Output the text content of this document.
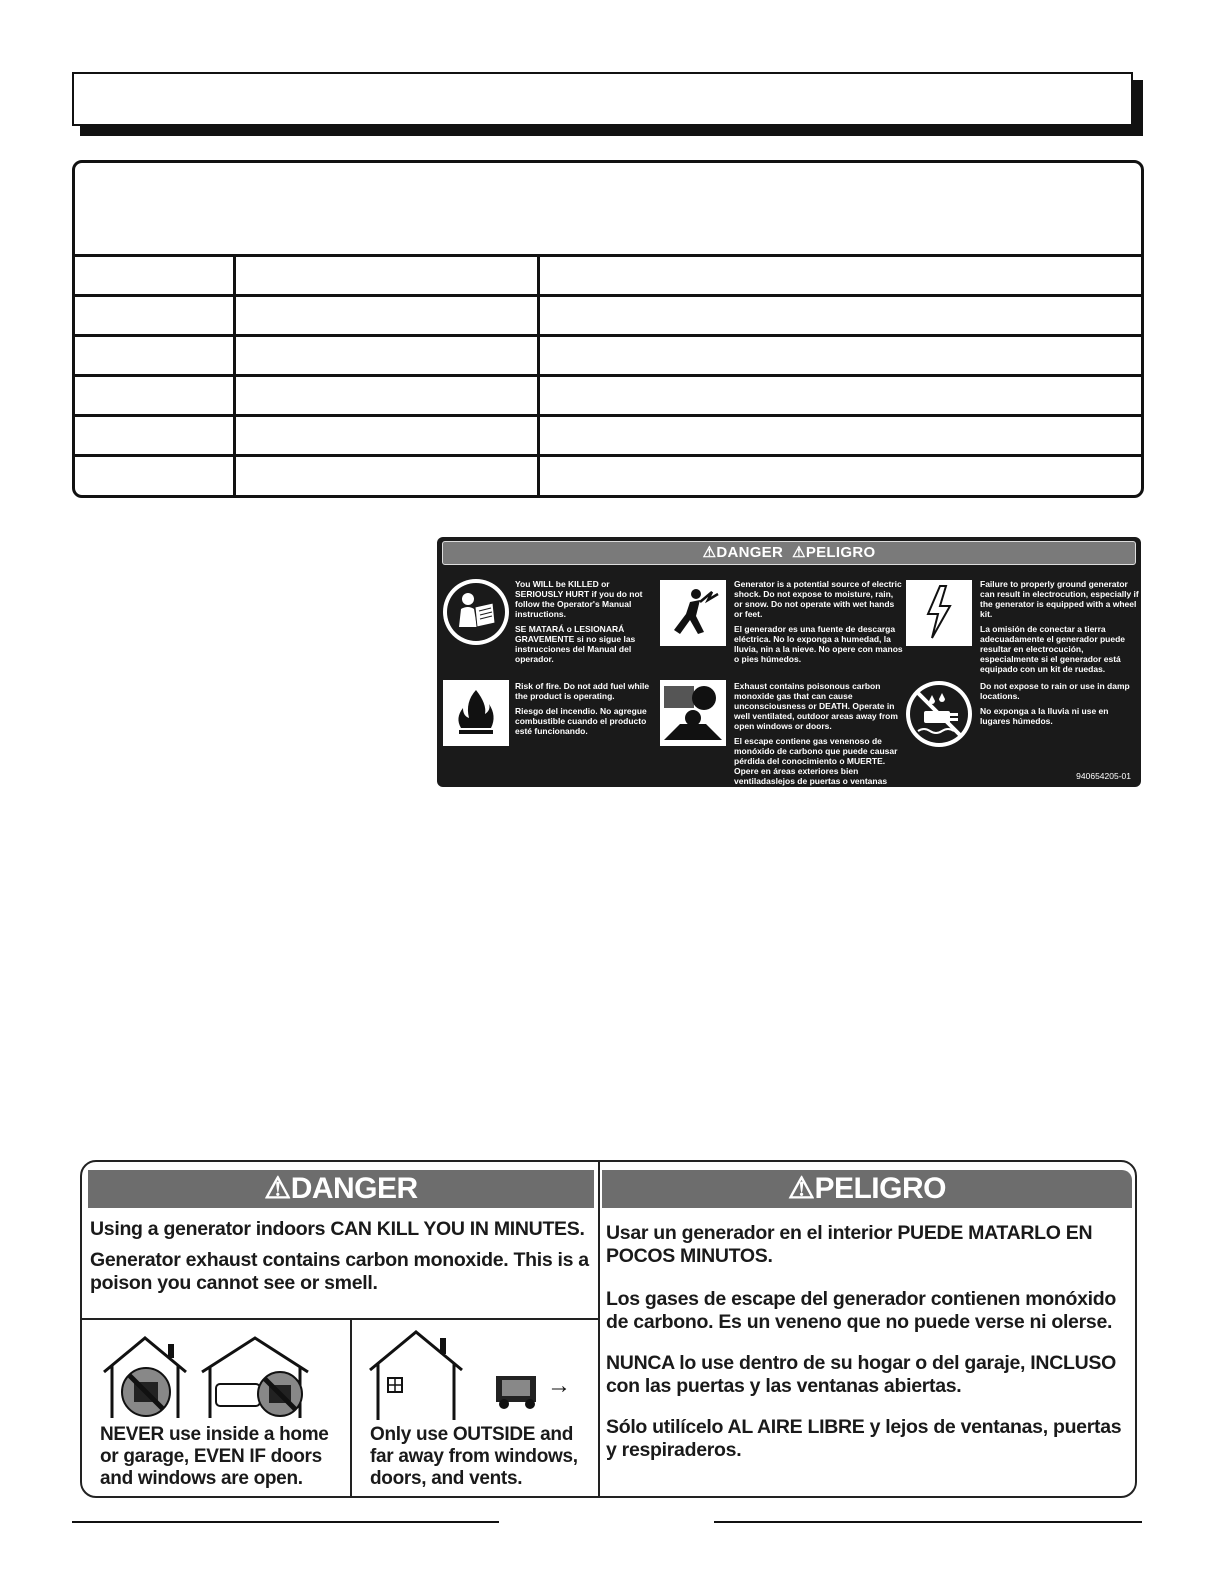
⚠DANGER ⚠PELIGRO

You WILL be KILLED or SERIOUSLY HURT if you do not follow the Operator's Manual instructions.

SE MATARÁ o LESIONARÁ GRAVEMENTE si no sigue las instrucciones del Manual del operador.

Generator is a potential source of electric shock. Do not expose to moisture, rain, or snow. Do not operate with wet hands or feet.

El generador es una fuente de descarga eléctrica. No lo exponga a humedad, la lluvia, nin a la nieve. No opere con manos o pies húmedos.

Failure to properly ground generator can result in electrocution, especially if the generator is equipped with a wheel kit.

La omisión de conectar a tierra adecuadamente el generador puede resultar en electrocución, especialmente si el generador está equipado con un kit de ruedas.

Risk of fire. Do not add fuel while the product is operating.

Riesgo del incendio. No agregue combustible cuando el producto esté funcionando.

Exhaust contains poisonous carbon monoxide gas that can cause unconsciousness or DEATH. Operate in well ventilated, outdoor areas away from open windows or doors.

El escape contiene gas venenoso de monóxido de carbono que puede causar pérdida del conocimiento o MUERTE. Opere en áreas exteriores bien ventiladaslejos de puertas o ventanas abiertas.

Do not expose to rain or use in damp locations.

No exponga a la lluvia ni use en lugares húmedos.

940654205-01
⚠DANGER	⚠PELIGRO

Using a generator indoors CAN KILL YOU IN MINUTES.

Generator exhaust contains carbon monoxide. This is a poison you cannot see or smell.

NEVER use inside a home or garage, EVEN IF doors and windows are open.
→
Only use OUTSIDE and far away from windows, doors, and vents.

Usar un generador en el interior PUEDE MATARLO EN POCOS MINUTOS.

Los gases de escape del generador contienen monóxido de carbono. Es un veneno que no puede verse ni olerse.

NUNCA lo use dentro de su hogar o del garaje, INCLUSO con las puertas y las ventanas abiertas.

Sólo utilícelo AL AIRE LIBRE y lejos de ventanas, puertas y respiraderos.
